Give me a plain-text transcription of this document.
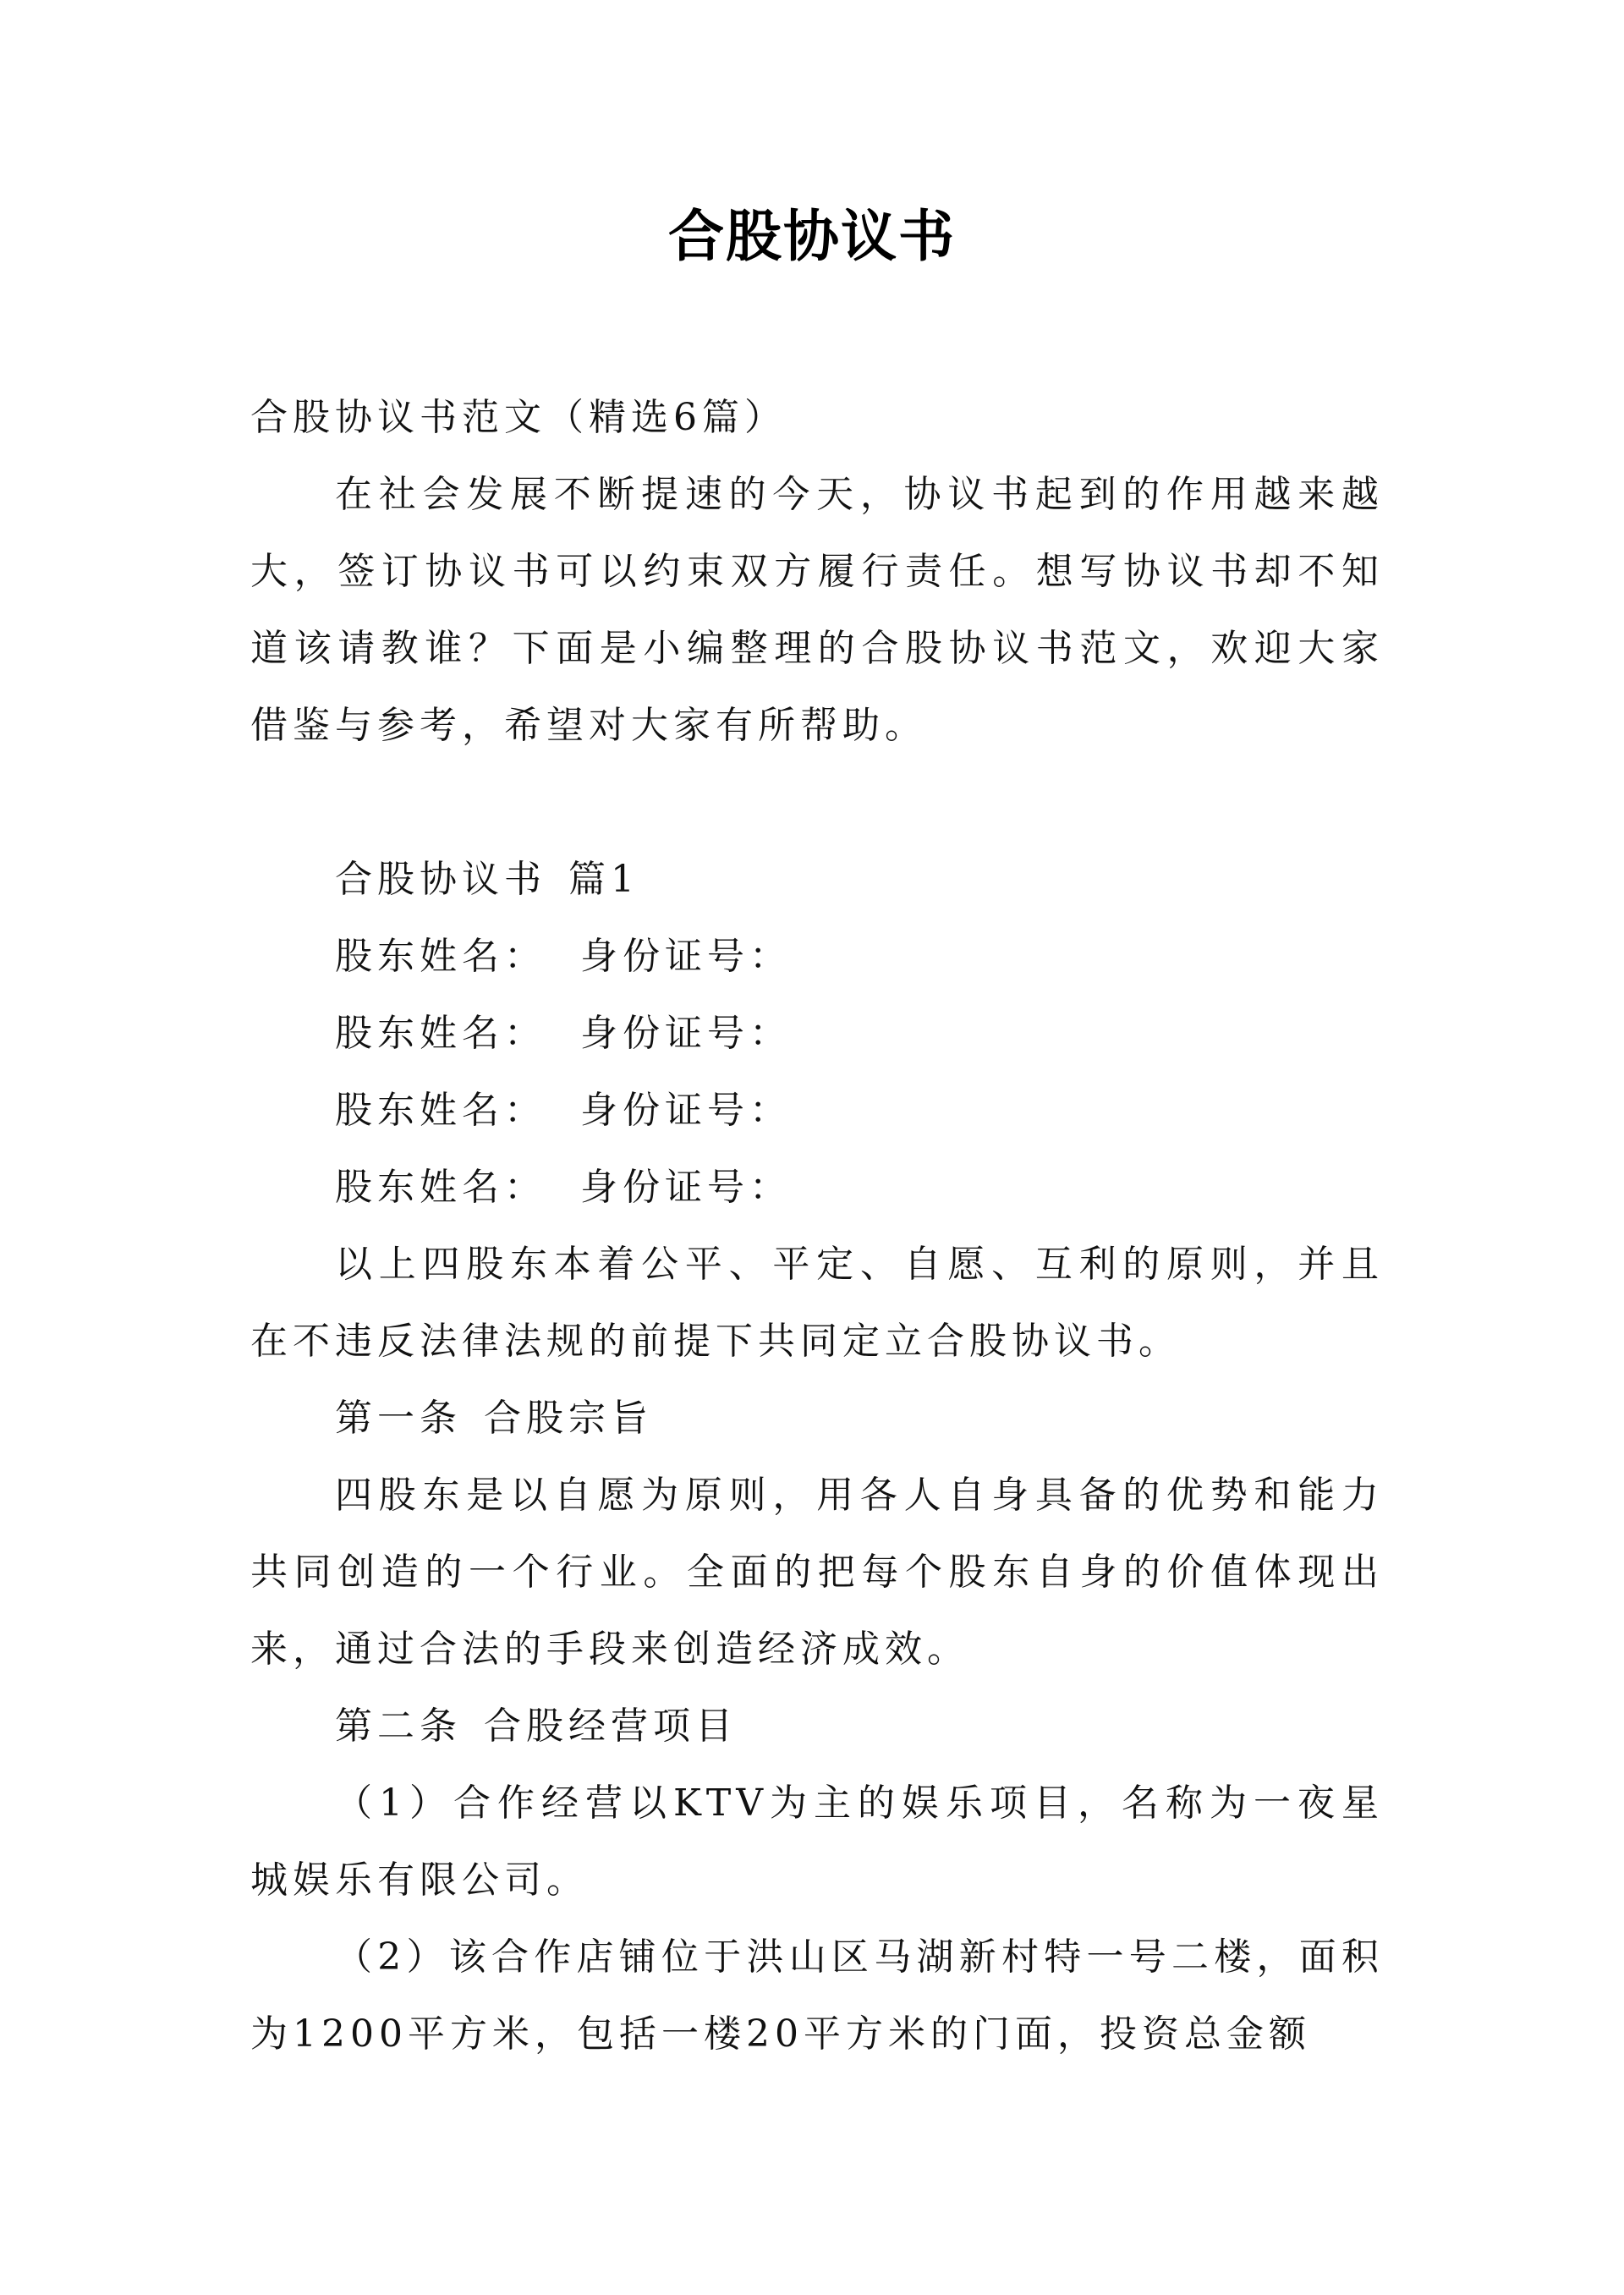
合股协议书

合股协议书范文（精选6篇）

在社会发展不断提速的今天，协议书起到的作用越来越大，签订协议书可以约束双方履行责任。想写协议书却不知道该请教谁？下面是小编整理的合股协议书范文，欢迎大家借鉴与参考，希望对大家有所帮助。

合股协议书 篇1

股东姓名： 身份证号：

股东姓名： 身份证号：

股东姓名： 身份证号：

股东姓名： 身份证号：

以上四股东本着公平、平定、自愿、互利的原则，并且在不违反法律法规的前提下共同定立合股协议书。

第一条 合股宗旨

四股东是以自愿为原则，用各人自身具备的优势和能力共同创造的一个行业。全面的把每个股东自身的价值体现出来，通过合法的手段来创造经济成效。

第二条 合股经营项目

（1）合作经营以KTV为主的娱乐项目，名称为一夜星城娱乐有限公司。

（2）该合作店铺位于洪山区马湖新村特一号二楼，面积为1200平方米，包括一楼20平方米的门面，投资总金额
